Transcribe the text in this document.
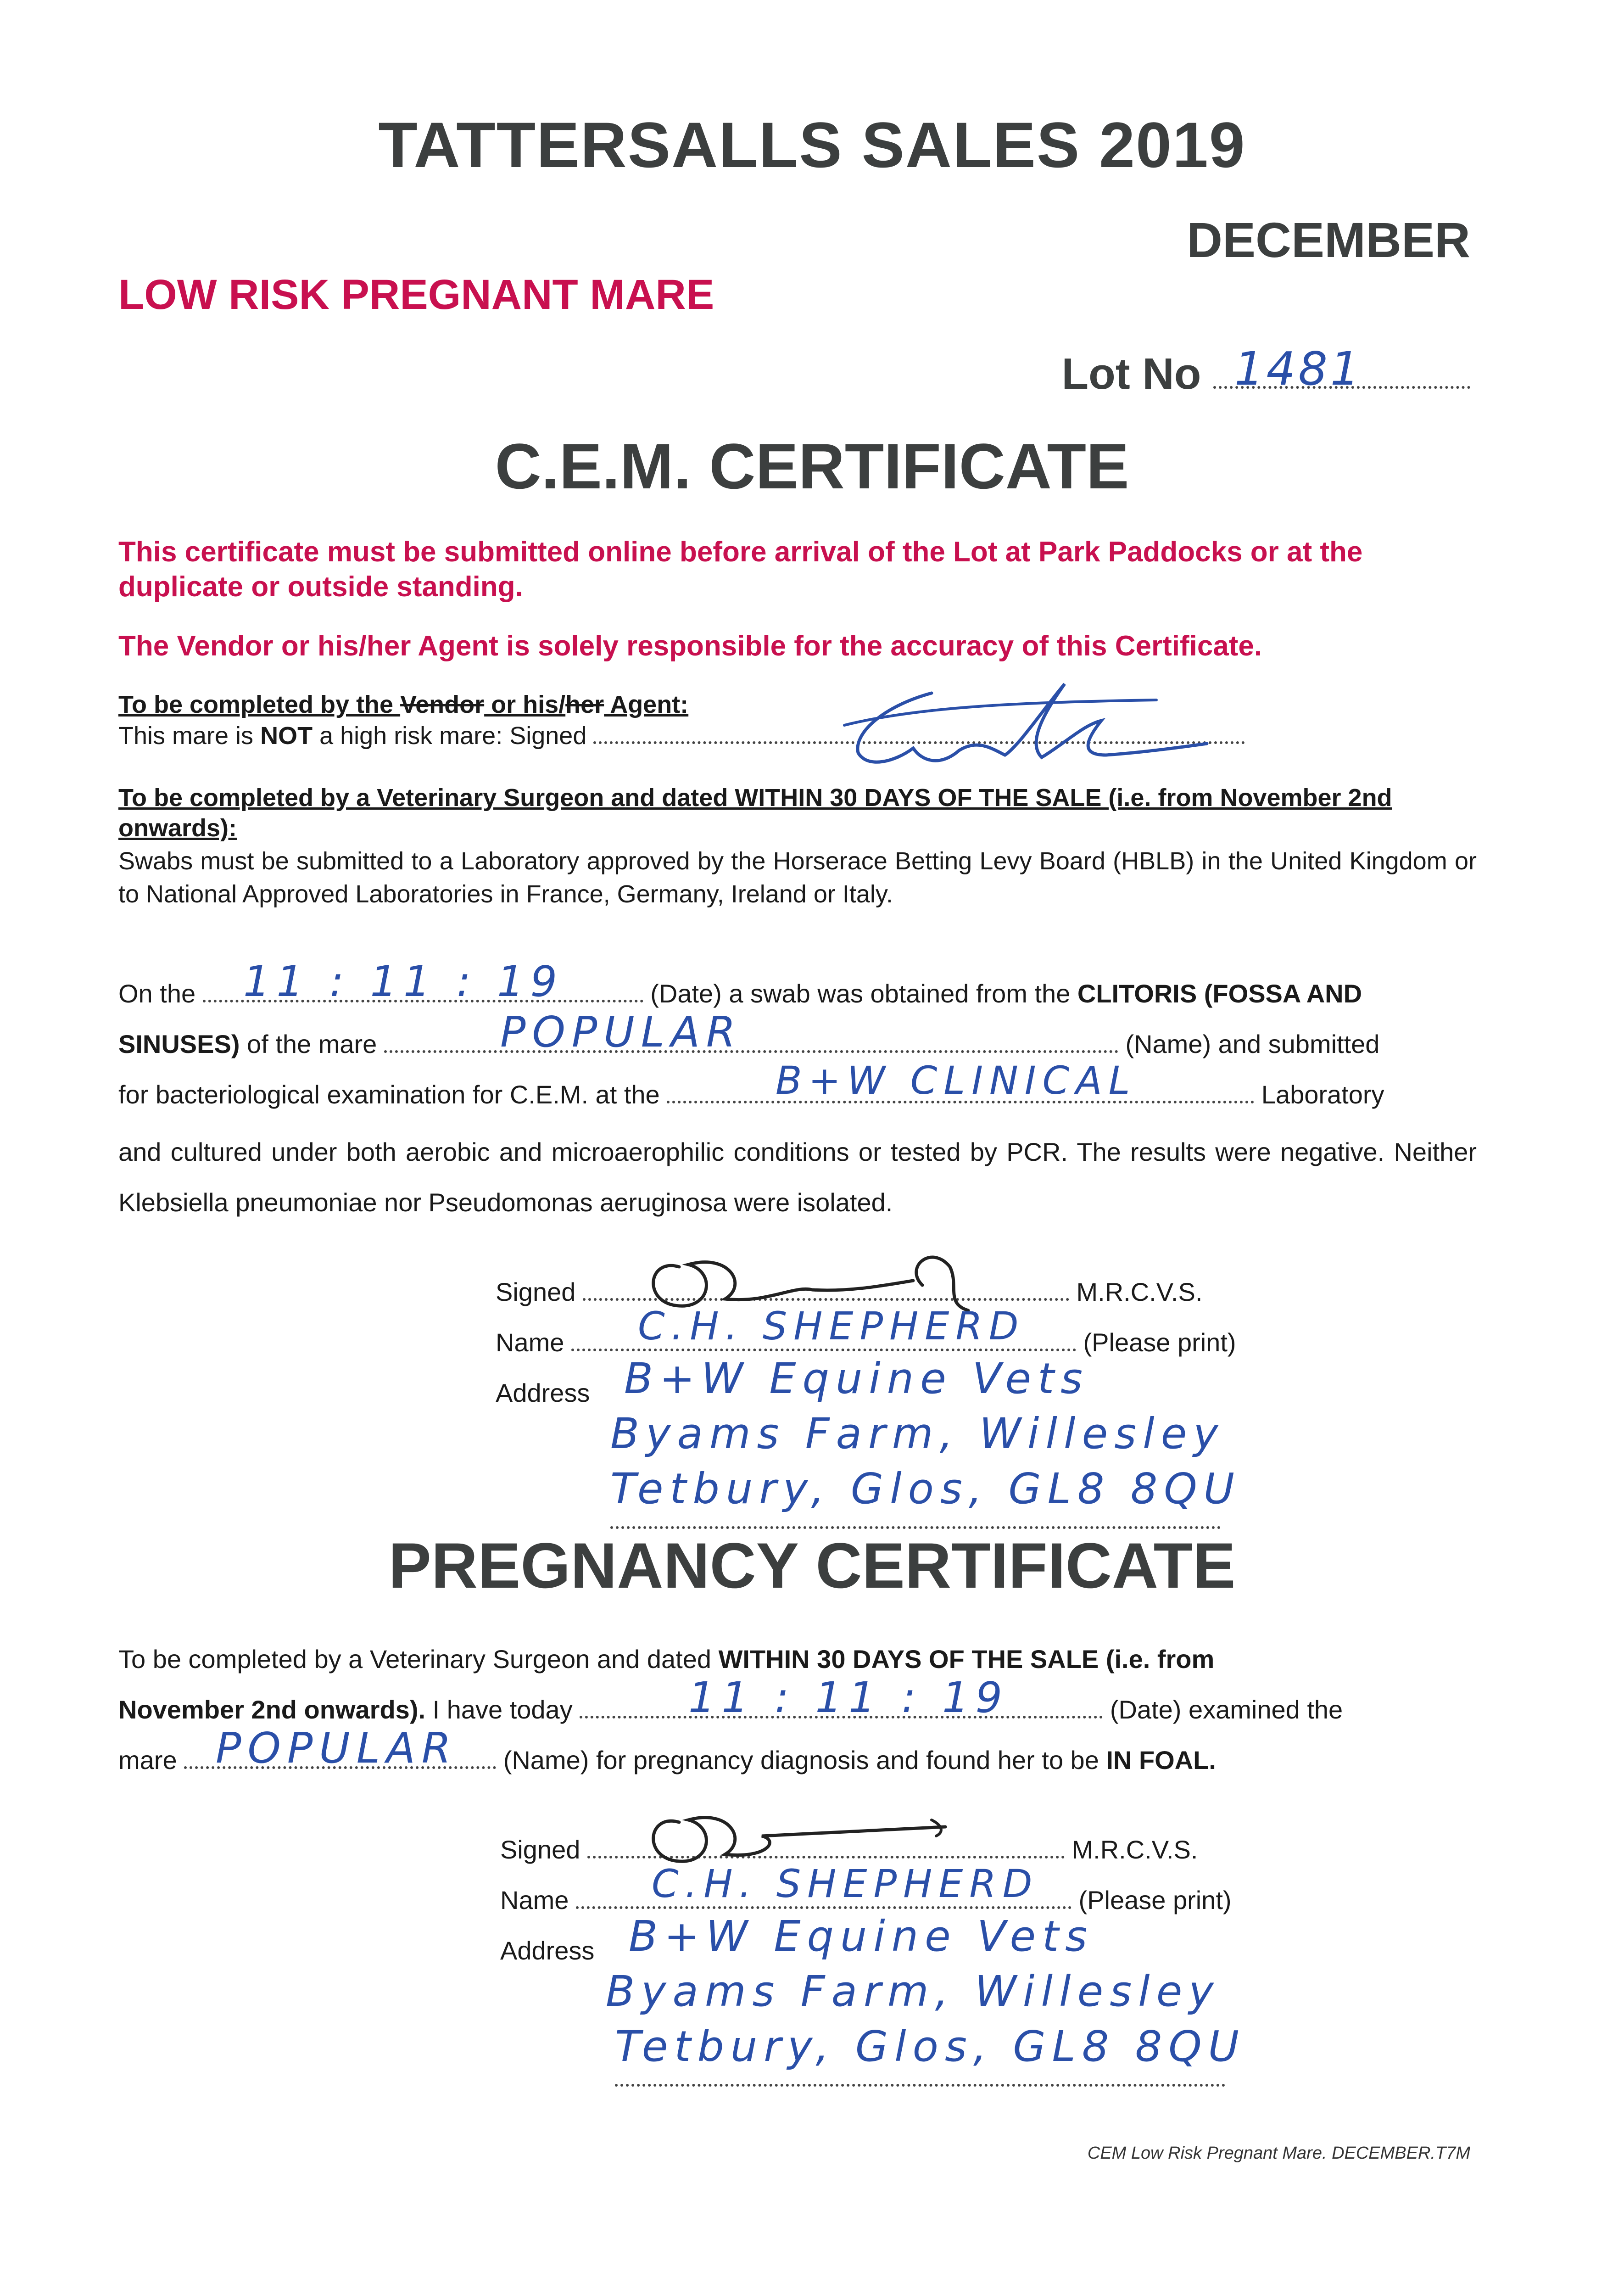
TATTERSALLS SALES 2019
DECEMBER
LOW RISK PREGNANT MARE
Lot No 1481
C.E.M. CERTIFICATE
This certificate must be submitted online before arrival of the Lot at Park Paddocks or at the duplicate or outside standing.
The Vendor or his/her Agent is solely responsible for the accuracy of this Certificate.
To be completed by the Vendor or his/her Agent:
This mare is NOT a high risk mare: Signed
To be completed by a Veterinary Surgeon and dated WITHIN 30 DAYS OF THE SALE (i.e. from November 2nd onwards):
Swabs must be submitted to a Laboratory approved by the Horserace Betting Levy Board (HBLB) in the United Kingdom or to National Approved Laboratories in France, Germany, Ireland or Italy.
On the	(Date) a swab was obtained from the CLITORIS (FOSSA AND
SINUSES) of the mare	(Name) and submitted
for bacteriological examination for C.E.M. at the	Laboratory
and cultured under both aerobic and microaerophilic conditions or tested by PCR. The results were negative. Neither Klebsiella pneumoniae nor Pseudomonas aeruginosa were isolated.
11 : 11 : 19
POPULAR
B+W CLINICAL
Signed	M.R.C.V.S.
Name	(Please print)
C.H. SHEPHERD
Address B+W Equine Vets
Byams Farm, Willesley
Tetbury, Glos, GL8 8QU
PREGNANCY CERTIFICATE
To be completed by a Veterinary Surgeon and dated WITHIN 30 DAYS OF THE SALE (i.e. from
November 2nd onwards). I have today	(Date) examined the
mare	(Name) for pregnancy diagnosis and found her to be IN FOAL.
11 : 11 : 19
POPULAR
Signed	M.R.C.V.S.
Name	(Please print)
C.H. SHEPHERD
Address B+W Equine Vets
Byams Farm, Willesley
Tetbury, Glos, GL8 8QU
CEM Low Risk Pregnant Mare. DECEMBER.T7M
